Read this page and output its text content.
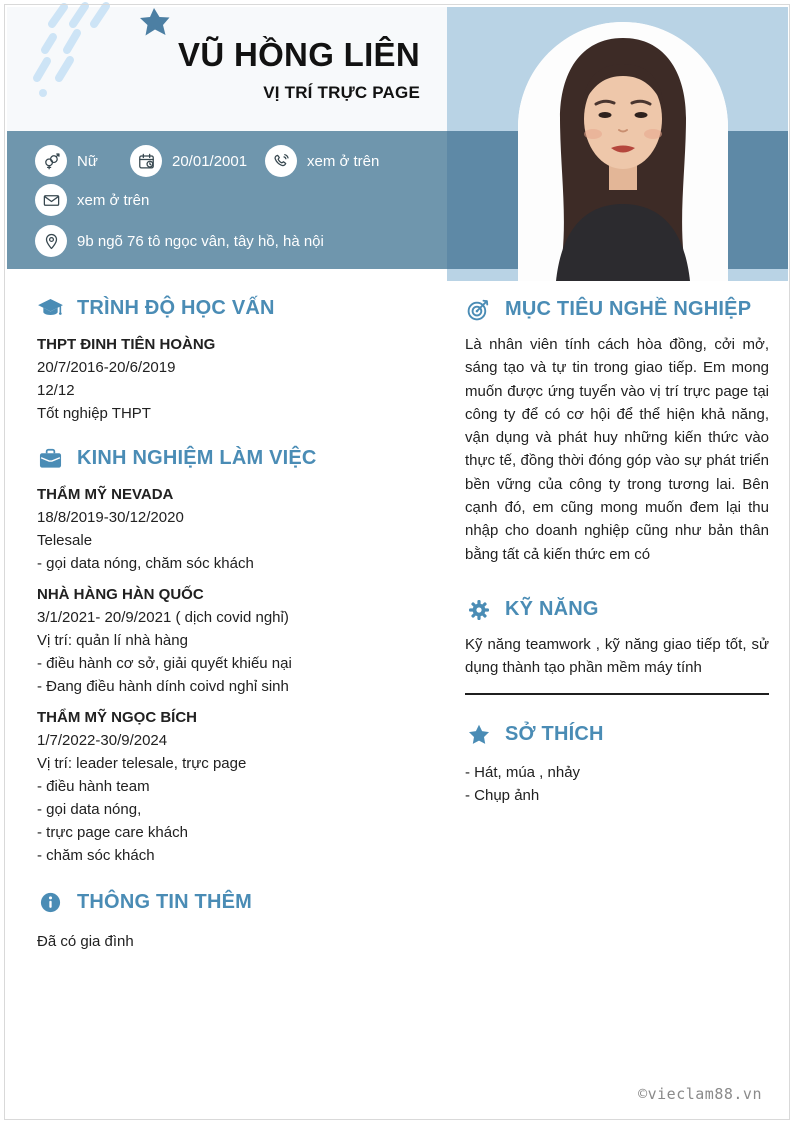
VŨ HỒNG LIÊN
VỊ TRÍ TRỰC PAGE
Nữ	20/01/2001	xem ở trên
xem ở trên
9b ngõ 76 tô ngọc vân, tây hồ, hà nội
TRÌNH ĐỘ HỌC VẤN
THPT ĐINH TIÊN HOÀNG
20/7/2016-20/6/2019
12/12
Tốt nghiệp THPT
KINH NGHIỆM LÀM VIỆC
THẨM MỸ NEVADA
18/8/2019-30/12/2020
Telesale
- gọi data nóng, chăm sóc khách
NHÀ HÀNG HÀN QUỐC
3/1/2021- 20/9/2021 ( dịch covid nghỉ)
Vị trí: quản lí nhà hàng
- điều hành cơ sở, giải quyết khiếu nại
- Đang điều hành dính coivd nghỉ sinh
THẨM MỸ NGỌC BÍCH
1/7/2022-30/9/2024
Vị trí: leader telesale, trực page
- điều hành team
- gọi data nóng,
- trực page care khách
- chăm sóc khách
THÔNG TIN THÊM
Đã có gia đình
MỤC TIÊU NGHỀ NGHIỆP

Là nhân viên tính cách hòa đồng, cởi mở, sáng tạo và tự tin trong giao tiếp. Em mong muốn được ứng tuyển vào vị trí trực page tại công ty để có cơ hội để thể hiện khả năng, vận dụng và phát huy những kiến thức vào thực tế, đồng thời đóng góp vào sự phát triển bền vững của công ty trong tương lai. Bên cạnh đó, em cũng mong muốn đem lại thu nhập cho doanh nghiệp cũng như bản thân bằng tất cả kiến thức em có

KỸ NĂNG

Kỹ năng teamwork , kỹ năng giao tiếp tốt, sử dụng thành tạo phần mềm máy tính

SỞ THÍCH
- Hát, múa , nhảy
- Chụp ảnh
©vieclam88.vn
